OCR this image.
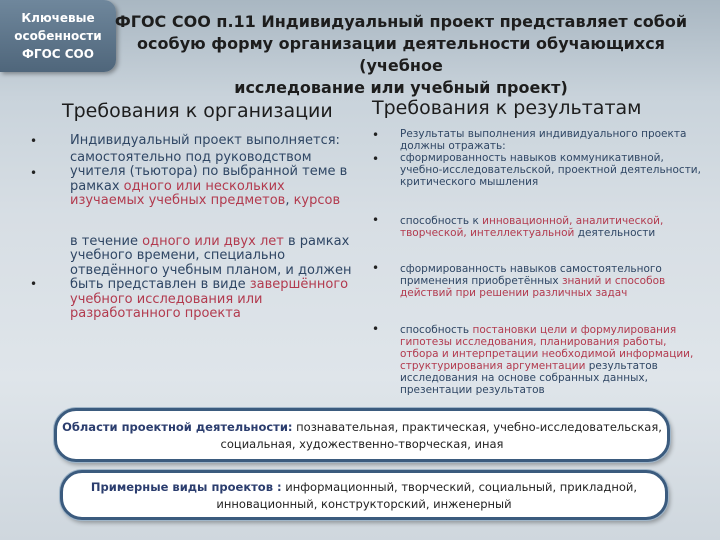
Ключевые
особенности
ФГОС СОО
ФГОС СОО п.11 Индивидуальный проект представляет собой
особую форму организации деятельности обучающихся (учебное
исследование или учебный проект)
Требования к организации
•
•
•

Индивидуальный проект выполняется:

самостоятельно под руководством учителя (тьютора) по выбранной теме в рамках одного или нескольких изучаемых учебных предметов, курсов

в течение одного или двух лет в рамках учебного времени, специально отведённого учебным планом, и должен быть представлен в виде завершённого учебного исследования или разработанного проекта

Требования к результатам
•
•
•
•
•

Результаты выполнения индивидуального проекта должны отражать:

сформированность навыков коммуникативной, учебно-исследовательской, проектной деятельности, критического мышления

способность к инновационной, аналитической, творческой, интеллектуальной деятельности

сформированность навыков самостоятельного применения приобретённых знаний и способов действий при решении различных задач

способность постановки цели и формулирования гипотезы исследования, планирования работы, отбора и интерпретации необходимой информации, структурирования аргументации результатов исследования на основе собранных данных, презентации результатов

Области проектной деятельности: познавательная, практическая, учебно-исследовательская, социальная, художественно-творческая, иная
Примерные виды проектов : информационный, творческий, социальный, прикладной, инновационный, конструкторский, инженерный
